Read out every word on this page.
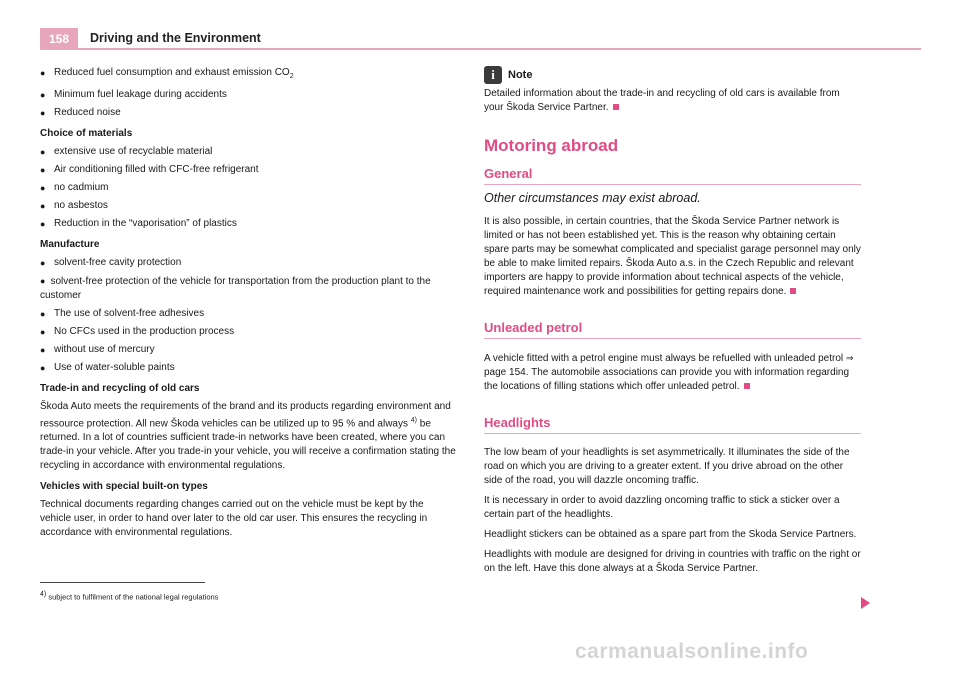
158	Driving and the Environment
● Reduced fuel consumption and exhaust emission $CO_2$
● Minimum fuel leakage during accidents
● Reduced noise
Choice of materials
● extensive use of recyclable material
● Air conditioning filled with CFC-free refrigerant
● no cadmium
● no asbestos
● Reduction in the “vaporisation” of plastics
Manufacture
● solvent-free cavity protection
● solvent-free protection of the vehicle for transportation from the production plant to the customer
● The use of solvent-free adhesives
● No CFCs used in the production process
● without use of mercury
● Use of water-soluble paints
Trade-in and recycling of old cars
Škoda Auto meets the requirements of the brand and its products regarding environment and ressource protection. All new Škoda vehicles can be utilized up to 95 % and always $^{4)}$ be returned. In a lot of countries sufficient trade-in networks have been created, where you can trade-in your vehicle. After you trade-in your vehicle, you will receive a confirmation stating the recycling in accordance with environmental regulations.
Vehicles with special built-on types
Technical documents regarding changes carried out on the vehicle must be kept by the vehicle user, in order to hand over later to the old car user. This ensures the recycling in accordance with environmental regulations.
i	Note
Detailed information about the trade-in and recycling of old cars is available from your Škoda Service Partner.
Motoring abroad
General
Other circumstances may exist abroad.
It is also possible, in certain countries, that the Škoda Service Partner network is limited or has not been established yet. This is the reason why obtaining certain spare parts may be somewhat complicated and specialist garage personnel may only be able to make limited repairs. Škoda Auto a.s. in the Czech Republic and relevant importers are happy to provide information about technical aspects of the vehicle, required maintenance work and possibilities for getting repairs done.
Unleaded petrol
A vehicle fitted with a petrol engine must always be refuelled with unleaded petrol ⇒ page 154. The automobile associations can provide you with information regarding the locations of filling stations which offer unleaded petrol.
Headlights
The low beam of your headlights is set asymmetrically. It illuminates the side of the road on which you are driving to a greater extent. If you drive abroad on the other side of the road, you will dazzle oncoming traffic.
It is necessary in order to avoid dazzling oncoming traffic to stick a sticker over a certain part of the headlights.
Headlight stickers can be obtained as a spare part from the Skoda Service Partners.
Headlights with module are designed for driving in countries with traffic on the right or on the left. Have this done always at a Škoda Service Partner.
$^{4)}$ subject to fulfilment of the national legal regulations
carmanualsonline.info
